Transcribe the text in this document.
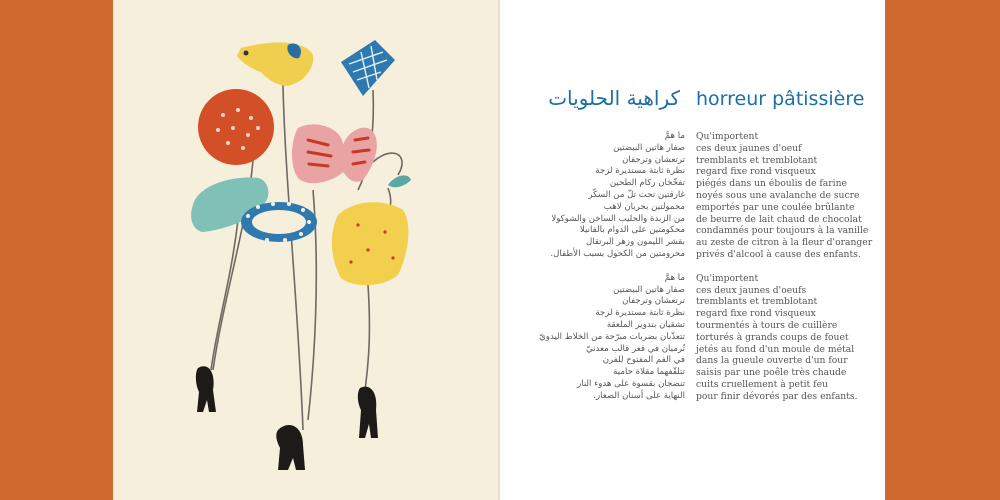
horreur pâtissière
كراهية الحلويات
ما همَّ
صفار هاتين البيضتين
ترتعشان وترجفان
نظرة ثابتة مستديرة لزجة
تفخّخان ركام الطحين
غارقتين تحت تلّ من السكّر
محمولتين بجريان لاهب
من الزبدة والحليب الساخن والشوكولا
محكومتين على الدوام بالفانيلا
بقشر الليمون وزهر البرتقال
محرومتين من الكحول بسبب الأطفال.
ما همَّ
صفار هاتين البيضتين
ترتعشان وترجفان
نظرة ثابتة مستديرة لزجة
تشقيان بتدوير الملعقة
تتعذّبان بضربات مبرّحة من الخلاط اليدويّ
تُرميان في قعر قالب معدنيّ
في الفم المفتوح للفرن
تتلقّفهما مقلاة حامية
تنضجان بقسوة على هدوء النار
النهاية على أسنان الصغار.
Qu'importent
ces deux jaunes d'oeuf
tremblants et tremblotant
regard fixe rond visqueux
piégés dans un éboulis de farine
noyés sous une avalanche de sucre
emportés par une coulée brûlante
de beurre de lait chaud de chocolat
condamnés pour toujours à la vanille
au zeste de citron à la fleur d'oranger
privés d'alcool à cause des enfants.
Qu'importent
ces deux jaunes d'oeufs
tremblants et tremblotant
regard fixe rond visqueux
tourmentés à tours de cuillère
torturés à grands coups de fouet
jetés au fond d'un moule de métal
dans la gueule ouverte d'un four
saisis par une poêle très chaude
cuits cruellement à petit feu
pour finir dévorés par des enfants.
